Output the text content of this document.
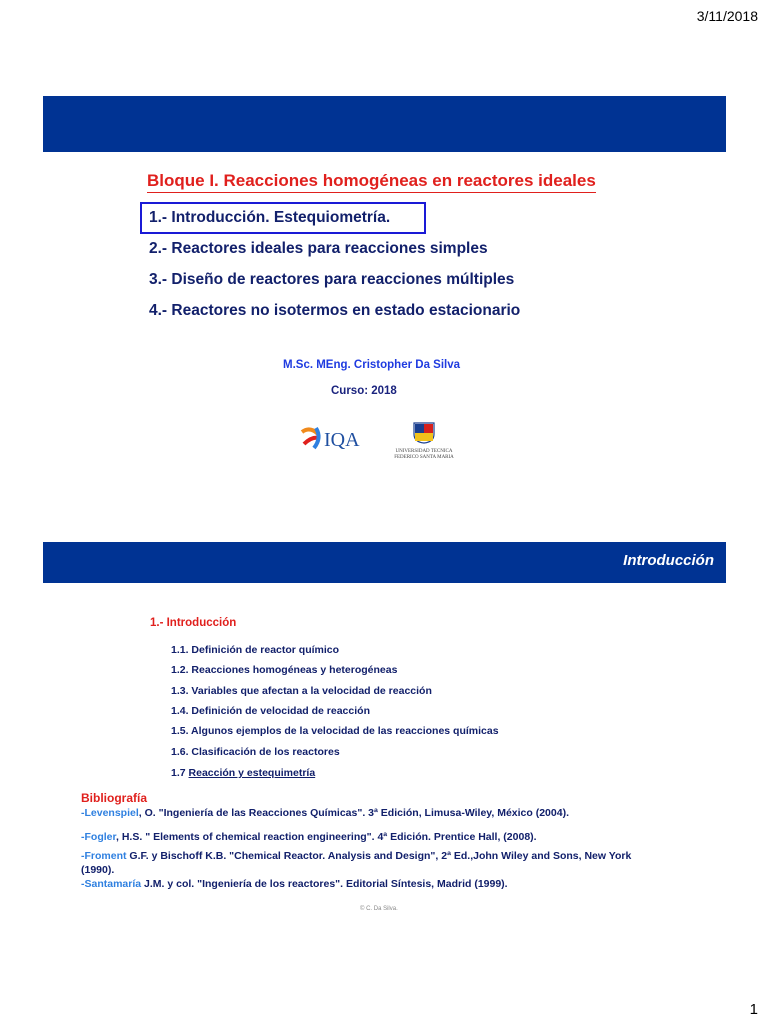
3/11/2018
1
Bloque I. Reacciones homogéneas en reactores ideales
1.- Introducción. Estequiometría.
2.- Reactores ideales para reacciones simples
3.- Diseño de reactores para reacciones múltiples
4.- Reactores no isotermos en estado estacionario
M.Sc. MEng. Cristopher Da Silva
Curso: 2018
IQA
UNIVERSIDAD TECNICA
FEDERICO SANTA MARIA
Introducción
1.- Introducción
1.1. Definición de reactor químico
1.2. Reacciones homogéneas y heterogéneas
1.3. Variables que afectan a la velocidad de reacción
1.4. Definición de velocidad de reacción
1.5. Algunos ejemplos de la velocidad de las reacciones químicas
1.6. Clasificación de los reactores
1.7 Reacción y estequimetría
Bibliografía
-Levenspiel, O. "Ingeniería de las Reacciones Químicas". 3ª Edición, Limusa-Wiley, México (2004).
-Fogler, H.S. " Elements of chemical reaction engineering". 4ª Edición. Prentice Hall, (2008).
-Froment G.F. y Bischoff K.B. "Chemical Reactor. Analysis and Design", 2ª Ed.,John Wiley and Sons, New York
(1990).
-Santamaría J.M. y col. "Ingeniería de los reactores". Editorial Síntesis, Madrid (1999).
© C. Da Silva.
